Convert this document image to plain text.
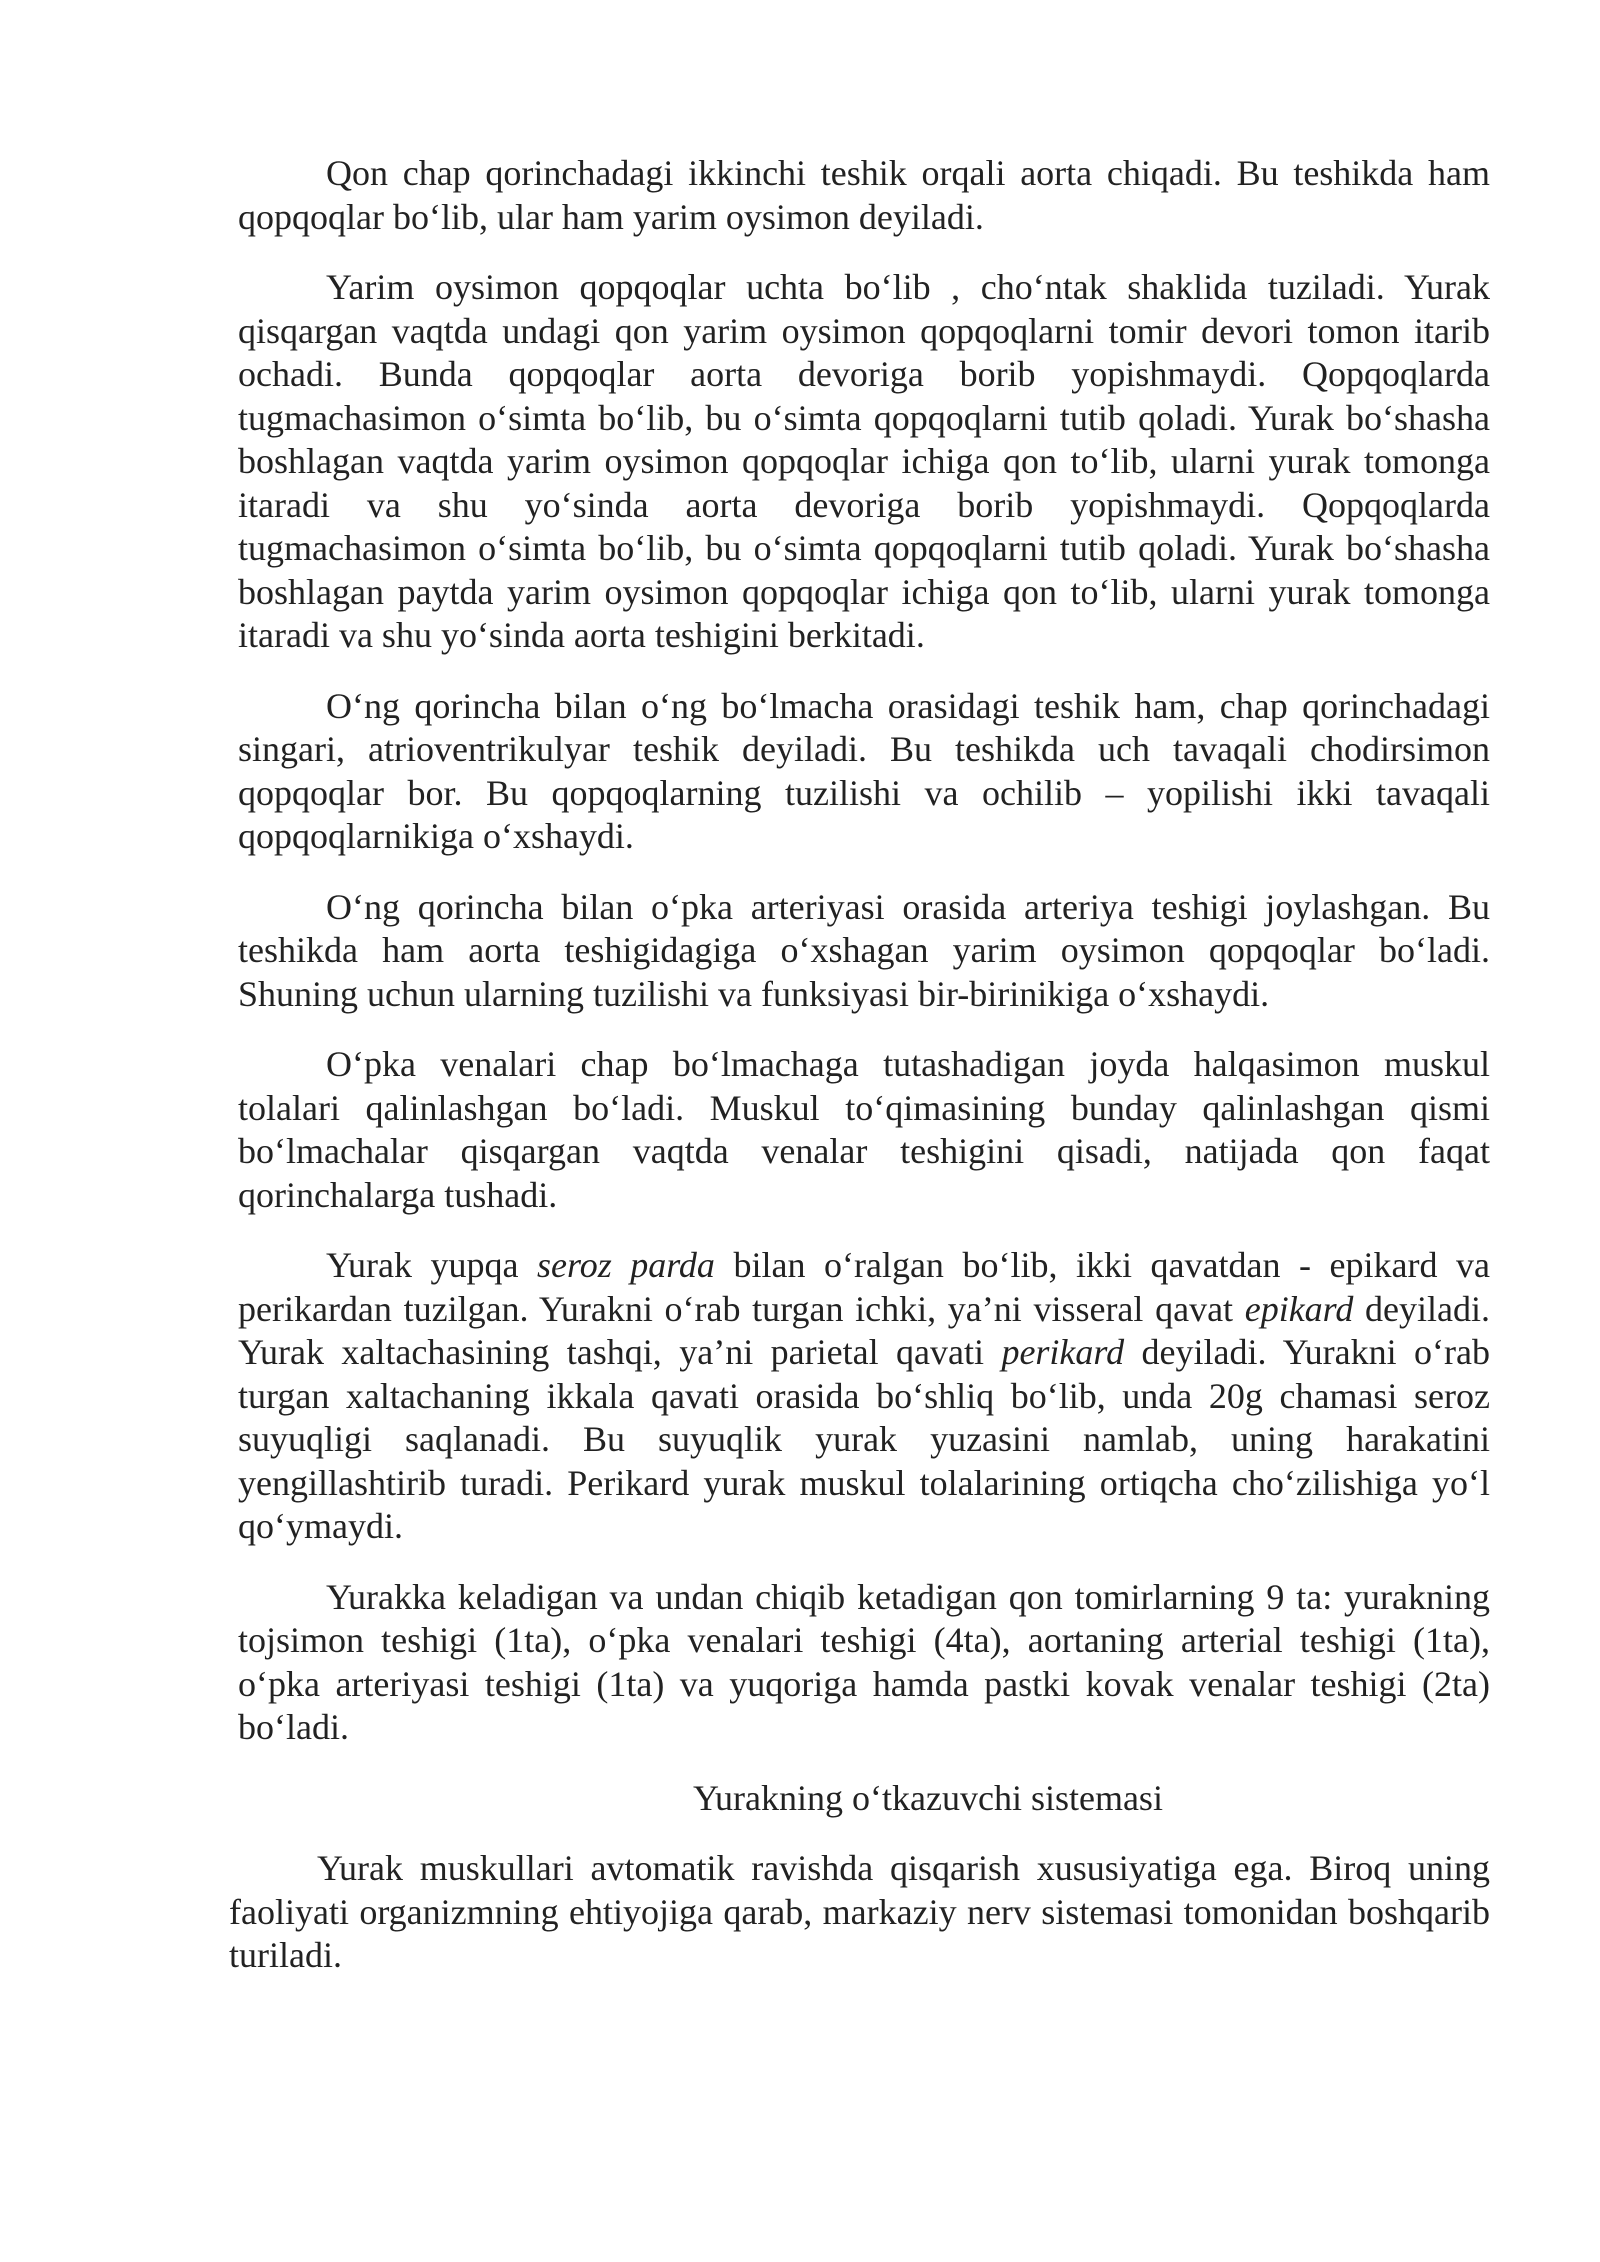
Qon chap qorinchadagi ikkinchi teshik orqali aorta chiqadi. Bu teshikda ham qopqoqlar bo‘lib, ular ham yarim oysimon deyiladi.

Yarim oysimon qopqoqlar uchta bo‘lib , cho‘ntak shaklida tuziladi. Yurak qisqargan vaqtda undagi qon yarim oysimon qopqoqlarni tomir devori tomon itarib ochadi. Bunda qopqoqlar aorta devoriga borib yopishmaydi. Qopqoqlarda tugmachasimon o‘simta bo‘lib, bu o‘simta qopqoqlarni tutib qoladi. Yurak bo‘shasha boshlagan vaqtda yarim oysimon qopqoqlar ichiga qon to‘lib, ularni yurak tomonga itaradi va shu yo‘sinda aorta devoriga borib yopishmaydi. Qopqoqlarda tugmachasimon o‘simta bo‘lib, bu o‘simta qopqoqlarni tutib qoladi. Yurak bo‘shasha boshlagan paytda yarim oysimon qopqoqlar ichiga qon to‘lib, ularni yurak tomonga itaradi va shu yo‘sinda aorta teshigini berkitadi.

O‘ng qorincha bilan o‘ng bo‘lmacha orasidagi teshik ham, chap qorinchadagi singari, atrioventrikulyar teshik deyiladi. Bu teshikda uch tavaqali chodirsimon qopqoqlar bor. Bu qopqoqlarning tuzilishi va ochilib – yopilishi ikki tavaqali qopqoqlarnikiga o‘xshaydi.

O‘ng qorincha bilan o‘pka arteriyasi orasida arteriya teshigi joylashgan. Bu teshikda ham aorta teshigidagiga o‘xshagan yarim oysimon qopqoqlar bo‘ladi. Shuning uchun ularning tuzilishi va funksiyasi bir-birinikiga o‘xshaydi.

O‘pka venalari chap bo‘lmachaga tutashadigan joyda halqasimon muskul tolalari qalinlashgan bo‘ladi. Muskul to‘qimasining bunday qalinlashgan qismi bo‘lmachalar qisqargan vaqtda venalar teshigini qisadi, natijada qon faqat qorinchalarga tushadi.

Yurak yupqa seroz parda bilan o‘ralgan bo‘lib, ikki qavatdan - epikard va perikardan tuzilgan. Yurakni o‘rab turgan ichki, ya’ni visseral qavat epikard deyiladi. Yurak xaltachasining tashqi, ya’ni parietal qavati perikard deyiladi. Yurakni o‘rab turgan xaltachaning ikkala qavati orasida bo‘shliq bo‘lib, unda 20g chamasi seroz suyuqligi saqlanadi. Bu suyuqlik yurak yuzasini namlab, uning harakatini yengillashtirib turadi. Perikard yurak muskul tolalarining ortiqcha cho‘zilishiga yo‘l qo‘ymaydi.

Yurakka keladigan va undan chiqib ketadigan qon tomirlarning 9 ta: yurakning tojsimon teshigi (1ta), o‘pka venalari teshigi (4ta), aortaning arterial teshigi (1ta), o‘pka arteriyasi teshigi (1ta) va yuqoriga hamda pastki kovak venalar teshigi (2ta) bo‘ladi.

Yurakning o‘tkazuvchi sistemasi

Yurak muskullari avtomatik ravishda qisqarish xususiyatiga ega. Biroq uning faoliyati organizmning ehtiyojiga qarab, markaziy nerv sistemasi tomonidan boshqarib turiladi.
